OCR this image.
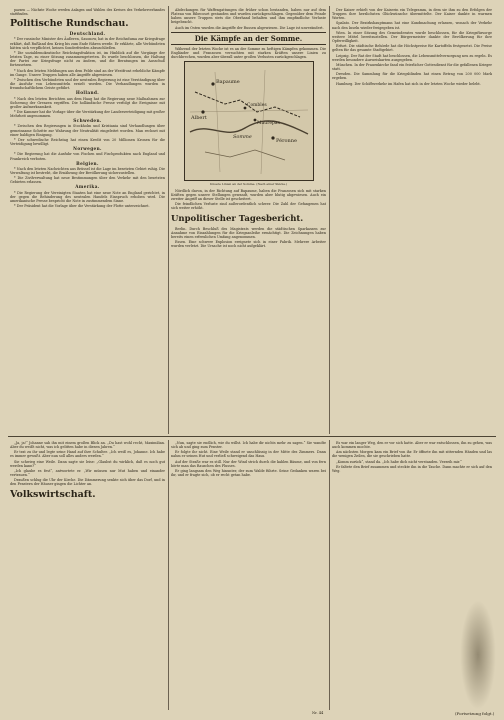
pazzen — Nächste Woche werden Anlagen und Wahlen des Kreises des Verkehrsverbandes stattfinden.

Politische Rundschau.
Deutschland.

* Der russische Minister des Äußeren, Sasonow, hat in der Reichsduma zur Kriegsfrage erklärt, daß Rußland den Krieg bis zum Ende führen werde. Er erklärte, alle Verbündeten hätten sich verpflichtet, keinen Sonderfrieden abzuschließen.

* Die sozialdemokratische Reichstagsfraktion ist, im Hinblick auf die Vorgänge der letzten Tage, zu einer Sitzung zusammengetreten. Es wurde beschlossen, die Haltung der Partei zur Kriegsfrage nicht zu ändern, und die Beratungen im Ausschuß fortzusetzen.

* Nach den letzten Meldungen aus dem Felde sind an der Westfront erhebliche Kämpfe im Gange. Unsere Truppen haben alle Angriffe abgewiesen.

* Zwischen den Verbündeten und der neutralen Regierung ist eine Verständigung über die Ausfuhr von Lebensmitteln erzielt worden. Die Verhandlungen wurden in freundschaftlichem Geiste geführt.

Holland.

* Nach den letzten Berichten aus dem Haag hat die Regierung neue Maßnahmen zur Sicherung der Grenzen ergriffen. Die holländische Presse verfolgt die Ereignisse mit großer Aufmerksamkeit.

* Die Kammer hat die Vorlage über die Verstärkung der Landesverteidigung mit großer Mehrheit angenommen.

Schweden.

* Zwischen den Regierungen in Stockholm und Kristiania sind Verhandlungen über gemeinsame Schritte zur Wahrung der Neutralität eingeleitet worden. Man rechnet mit einer baldigen Einigung.

* Der schwedische Reichstag hat einen Kredit von 20 Millionen Kronen für die Verteidigung bewilligt.

Norwegen.

* Die Regierung hat die Ausfuhr von Fischen und Fischprodukten nach England und Frankreich verboten.

Belgien.

* Nach den letzten Nachrichten aus Brüssel ist die Lage im besetzten Gebiet ruhig. Die Verwaltung ist bestrebt, die Ernährung der Bevölkerung sicherzustellen.

* Die Zivilverwaltung hat neue Bestimmungen über den Verkehr mit den besetzten Gebieten erlassen.

Amerika.

* Die Regierung der Vereinigten Staaten hat eine neue Note an England gerichtet, in der gegen die Behinderung des neutralen Handels Einspruch erhoben wird. Die amerikanische Presse bespricht die Note in zustimmendem Sinne.

* Der Präsident hat die Vorlage über die Verstärkung der Flotte unterzeichnet.

Abdeckungen für Waffengattungen die früher schon bestanden, haben nur auf dem Plateau von Ribecourt gestanden und wurden zurückgeschlagen. Gegenüber dem Feinde haben unsere Truppen stets die Oberhand behalten und ihm empfindliche Verluste beigebracht.

Auch im Osten wurden die Angriffe der Russen abgewiesen. Die Lage ist unverändert.

Die Kämpfe an der Somme.

Während der letzten Woche ist es an der Somme zu heftigen Kämpfen gekommen. Die Engländer und Franzosen versuchten mit starken Kräften unsere Linien zu durchbrechen, wurden aber überall unter großen Verlusten zurückgeschlagen.

Bapaume
Péronne
Albert
Somme
Combles
Maurepas
Unsere Linien an der Somme. (Nach einer Skizze.)

Nördlich davon, in der Richtung auf Bapaume, haben die Franzosen sich mit starken Kräften gegen unsere Stellungen gewandt, wurden aber blutig abgewiesen. Auch ein zweiter Angriff an dieser Stelle ist gescheitert.

Die feindlichen Verluste sind außerordentlich schwer. Die Zahl der Gefangenen hat sich weiter erhöht.

Unpolitischer Tagesbericht.

Berlin. Durch Beschluß des Magistrats werden die städtischen Sparkassen zur Annahme von Einzahlungen für die Kriegsanleihe ermächtigt. Die Zeichnungen haben bereits einen erfreulichen Umfang angenommen.

Essen. Eine schwere Explosion ereignete sich in einer Fabrik. Mehrere Arbeiter wurden verletzt. Die Ursache ist noch nicht aufgeklärt.

Der Kaiser erhielt von der Kaiserin ein Telegramm, in dem sie ihm zu den Erfolgen der Truppen ihre herzlichsten Glückwünsche übermittelte. Der Kaiser dankte in warmen Worten.

Spalato. Der Bezirkshauptmann hat eine Kundmachung erlassen, wonach der Verkehr nach den Inseln wieder freigegeben ist.

Wien. In einer Sitzung des Gemeinderates wurde beschlossen, für die Kriegsfürsorge weitere Mittel bereitzustellen. Der Bürgermeister dankte der Bevölkerung für ihre Opferwilligkeit.

Erfurt. Die städtische Behörde hat die Höchstpreise für Kartoffeln festgesetzt. Die Preise gelten für das gesamte Stadtgebiet.

Leipzig. Der Rat der Stadt hat beschlossen, die Lebensmittelversorgung neu zu regeln. Es werden besondere Ausweiskarten ausgegeben.

München. In der Frauenkirche fand ein feierlicher Gottesdienst für die gefallenen Krieger statt.

Dresden. Die Sammlung für die Kriegsblinden hat einen Betrag von 200 000 Mark ergeben.

Hamburg. Der Schiffsverkehr im Hafen hat sich in der letzten Woche wieder belebt.

„Ja, ja!“ Johanne sah ihn mit einem großen Blick an. „Du hast wohl recht, Maximilian. Aber du weißt nicht, was ich gelitten habe in diesen Jahren.“

Er trat zu ihr und legte seine Hand auf ihre Schulter. „Ich weiß es, Johanne. Ich habe es immer gewußt. Aber nun soll alles anders werden.“

Sie schwieg eine Weile. Dann sagte sie leise: „Glaubst du wirklich, daß es noch gut werden kann?“

„Ich glaube es fest“, antwortete er. „Wir müssen nur Mut haben und einander vertrauen.“

Draußen schlug die Uhr der Kirche. Die Dämmerung senkte sich über das Dorf, und in den Fenstern der Häuser gingen die Lichter an.

Volkswirtschaft.

„Nun, sagte sie endlich, wie du willst. Ich habe dir nichts mehr zu sagen.“ Sie wandte sich ab und ging zum Fenster.

Er folgte ihr nicht. Eine Weile stand er unschlüssig in der Mitte des Zimmers. Dann nahm er seinen Hut und verließ schweigend das Haus.

Auf der Straße war es still. Nur der Wind strich durch die kahlen Bäume, und von fern hörte man das Rauschen des Flusses.

Er ging langsam den Weg hinunter, der zum Walde führte. Seine Gedanken waren bei ihr, und er fragte sich, ob er recht getan habe.

Es war ein langer Weg, den er vor sich hatte. Aber er war entschlossen, ihn zu gehen, was auch kommen mochte.

Am nächsten Morgen kam ein Brief von ihr. Er öffnete ihn mit zitternden Händen und las die wenigen Zeilen, die sie geschrieben hatte.

„Komm zurück“, stand da. „Ich habe dich nicht verstanden. Verzeih mir.“

Er faltete den Brief zusammen und steckte ihn in die Tasche. Dann machte er sich auf den Weg.

Nr. 44	(Fortsetzung folgt.)
